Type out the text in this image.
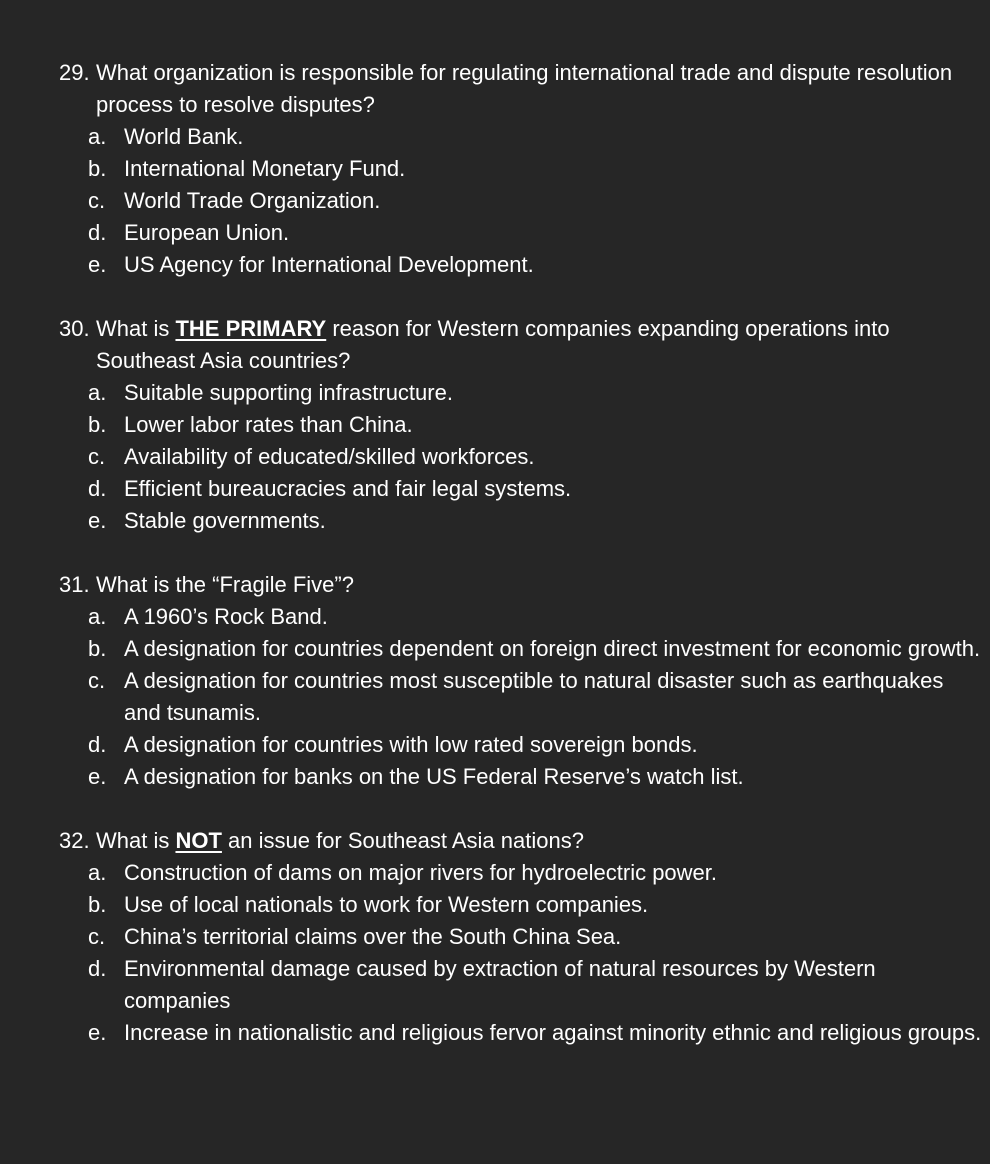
29. What organization is responsible for regulating international trade and dispute resolution process to resolve disputes?
a. World Bank.
b. International Monetary Fund.
c. World Trade Organization.
d. European Union.
e. US Agency for International Development.
30. What is THE PRIMARY reason for Western companies expanding operations into Southeast Asia countries?
a. Suitable supporting infrastructure.
b. Lower labor rates than China.
c. Availability of educated/skilled workforces.
d. Efficient bureaucracies and fair legal systems.
e. Stable governments.
31. What is the “Fragile Five”?
a. A 1960’s Rock Band.
b. A designation for countries dependent on foreign direct investment for economic growth.
c. A designation for countries most susceptible to natural disaster such as earthquakes and tsunamis.
d. A designation for countries with low rated sovereign bonds.
e. A designation for banks on the US Federal Reserve’s watch list.
32. What is NOT an issue for Southeast Asia nations?
a. Construction of dams on major rivers for hydroelectric power.
b. Use of local nationals to work for Western companies.
c. China’s territorial claims over the South China Sea.
d. Environmental damage caused by extraction of natural resources by Western companies
e. Increase in nationalistic and religious fervor against minority ethnic and religious groups.
